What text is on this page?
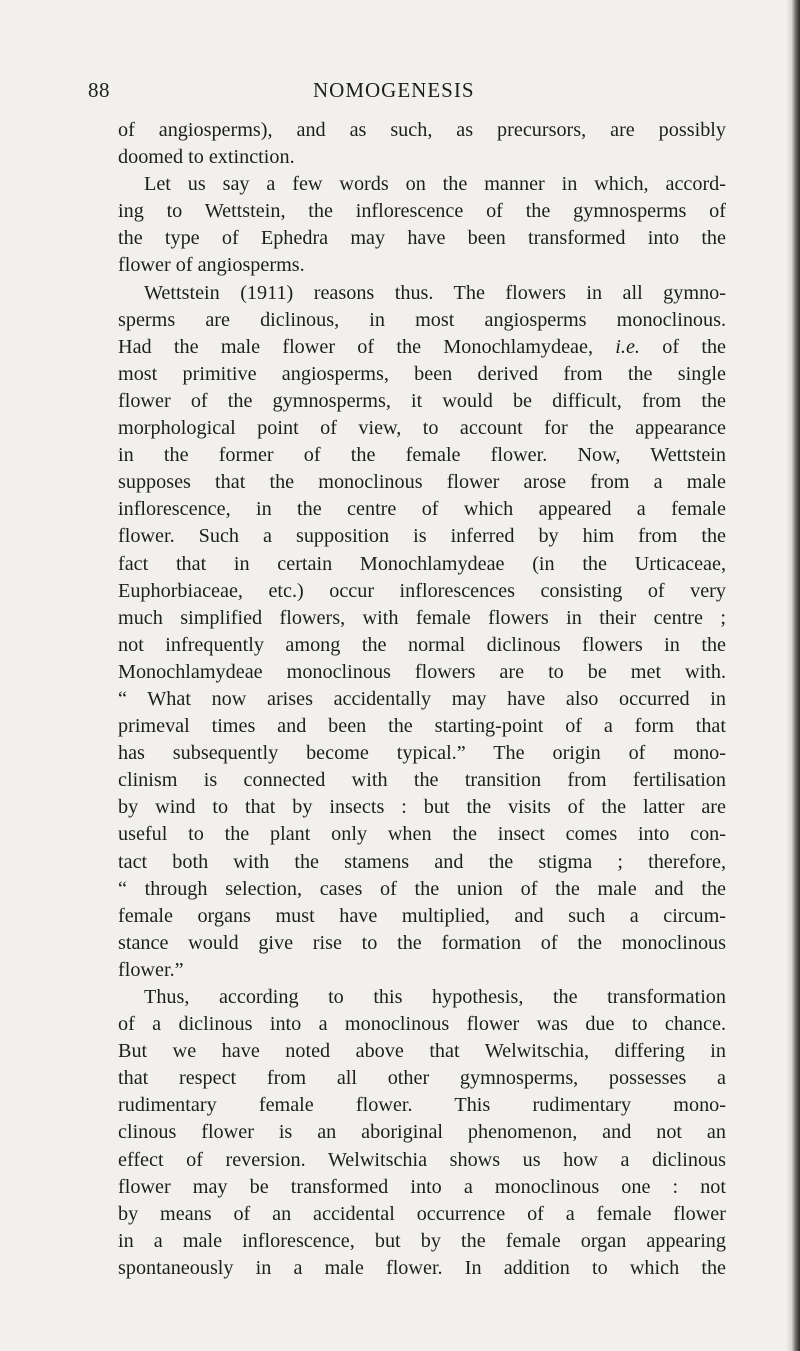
88	NOMOGENESIS
of angiosperms), and as such, as precursors, are possibly
doomed to extinction.
Let us say a few words on the manner in which, accord-
ing to Wettstein, the inflorescence of the gymnosperms of
the type of Ephedra may have been transformed into the
flower of angiosperms.
Wettstein (1911) reasons thus. The flowers in all gymno-
sperms are diclinous, in most angiosperms monoclinous.
Had the male flower of the Monochlamydeae, i.e. of the
most primitive angiosperms, been derived from the single
flower of the gymnosperms, it would be difficult, from the
morphological point of view, to account for the appearance
in the former of the female flower. Now, Wettstein
supposes that the monoclinous flower arose from a male
inflorescence, in the centre of which appeared a female
flower. Such a supposition is inferred by him from the
fact that in certain Monochlamydeae (in the Urticaceae,
Euphorbiaceae, etc.) occur inflorescences consisting of very
much simplified flowers, with female flowers in their centre ;
not infrequently among the normal diclinous flowers in the
Monochlamydeae monoclinous flowers are to be met with.
“ What now arises accidentally may have also occurred in
primeval times and been the starting-point of a form that
has subsequently become typical.” The origin of mono-
clinism is connected with the transition from fertilisation
by wind to that by insects : but the visits of the latter are
useful to the plant only when the insect comes into con-
tact both with the stamens and the stigma ; therefore,
“ through selection, cases of the union of the male and the
female organs must have multiplied, and such a circum-
stance would give rise to the formation of the monoclinous
flower.”
Thus, according to this hypothesis, the transformation
of a diclinous into a monoclinous flower was due to chance.
But we have noted above that Welwitschia, differing in
that respect from all other gymnosperms, possesses a
rudimentary female flower. This rudimentary mono-
clinous flower is an aboriginal phenomenon, and not an
effect of reversion. Welwitschia shows us how a diclinous
flower may be transformed into a monoclinous one : not
by means of an accidental occurrence of a female flower
in a male inflorescence, but by the female organ appearing
spontaneously in a male flower. In addition to which the
